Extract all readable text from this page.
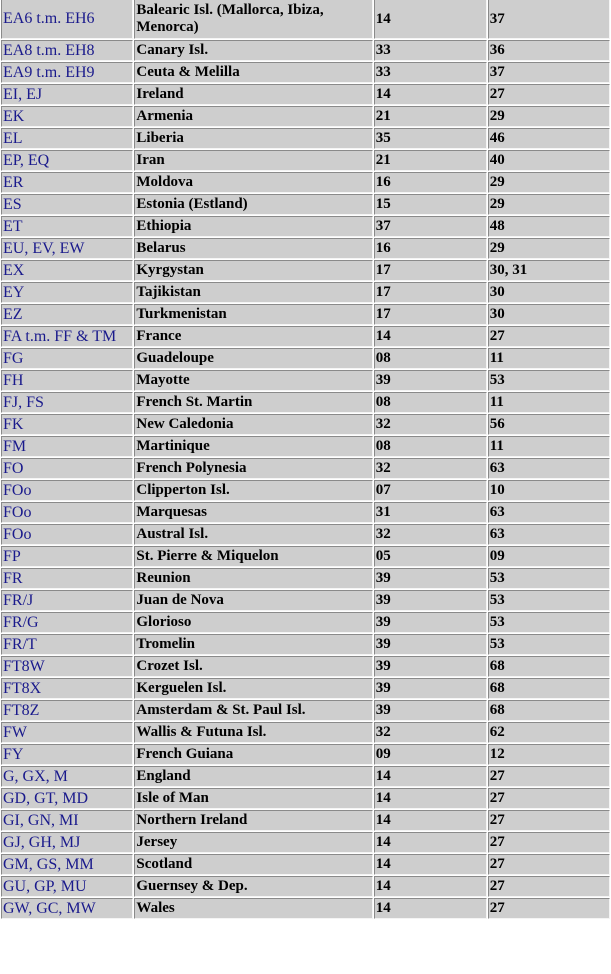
EA6 t.m. EH6	Balearic Isl. (Mallorca, Ibiza, Menorca)	14	37
EA8 t.m. EH8	Canary Isl.	33	36
EA9 t.m. EH9	Ceuta & Melilla	33	37
EI, EJ	Ireland	14	27
EK	Armenia	21	29
EL	Liberia	35	46
EP, EQ	Iran	21	40
ER	Moldova	16	29
ES	Estonia (Estland)	15	29
ET	Ethiopia	37	48
EU, EV, EW	Belarus	16	29
EX	Kyrgystan	17	30, 31
EY	Tajikistan	17	30
EZ	Turkmenistan	17	30
FA t.m. FF & TM	France	14	27
FG	Guadeloupe	08	11
FH	Mayotte	39	53
FJ, FS	French St. Martin	08	11
FK	New Caledonia	32	56
FM	Martinique	08	11
FO	French Polynesia	32	63
FOo	Clipperton Isl.	07	10
FOo	Marquesas	31	63
FOo	Austral Isl.	32	63
FP	St. Pierre & Miquelon	05	09
FR	Reunion	39	53
FR/J	Juan de Nova	39	53
FR/G	Glorioso	39	53
FR/T	Tromelin	39	53
FT8W	Crozet Isl.	39	68
FT8X	Kerguelen Isl.	39	68
FT8Z	Amsterdam & St. Paul Isl.	39	68
FW	Wallis & Futuna Isl.	32	62
FY	French Guiana	09	12
G, GX, M	England	14	27
GD, GT, MD	Isle of Man	14	27
GI, GN, MI	Northern Ireland	14	27
GJ, GH, MJ	Jersey	14	27
GM, GS, MM	Scotland	14	27
GU, GP, MU	Guernsey & Dep.	14	27
GW, GC, MW	Wales	14	27
